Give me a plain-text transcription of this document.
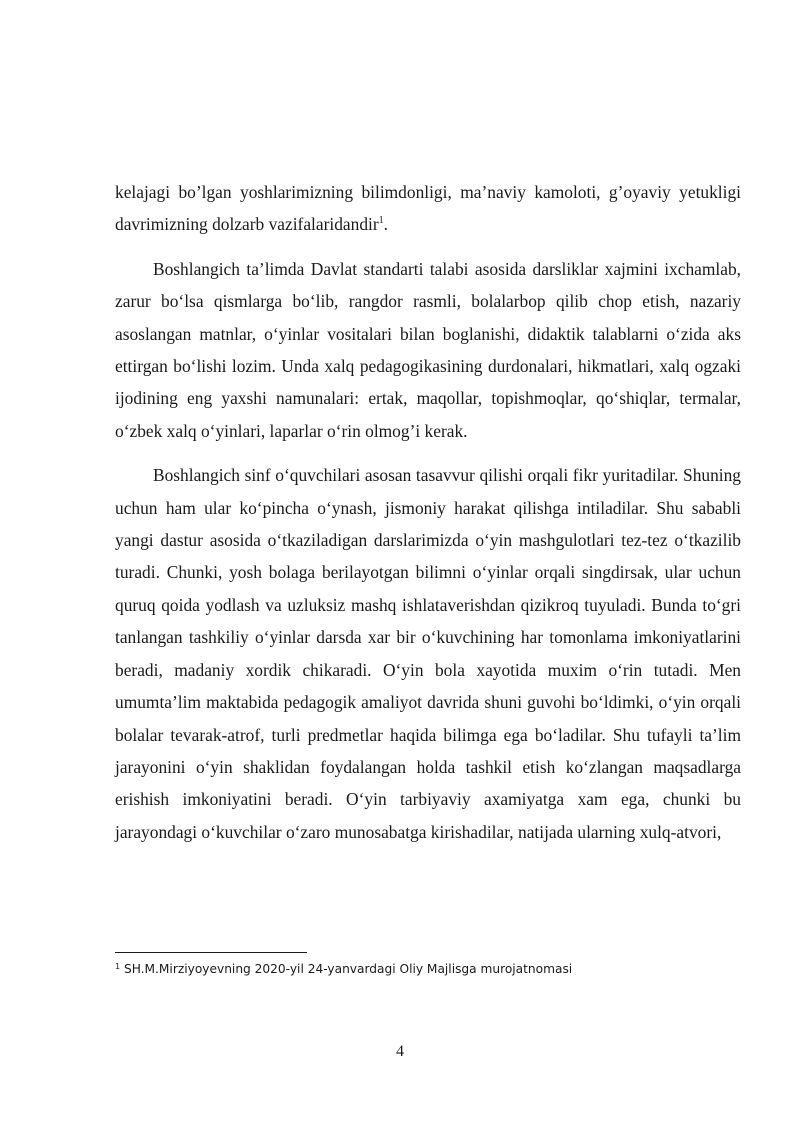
kelajagi bo’lgan yoshlarimizning bilimdonligi, ma’naviy kamoloti, g’oyaviy yetukligi davrimizning dolzarb vazifalaridandir$^1$.

Boshlangich ta’limda Davlat standarti talabi asosida darsliklar xajmini ixchamlab, zarur bo‘lsa qismlarga bo‘lib, rangdor rasmli, bolalarbop qilib chop etish, nazariy asoslangan matnlar, o‘yinlar vositalari bilan boglanishi, didaktik talablarni o‘zida aks ettirgan bo‘lishi lozim. Unda xalq pedagogikasining durdonalari, hikmatlari, xalq ogzaki ijodining eng yaxshi namunalari: ertak, maqollar, topishmoqlar, qo‘shiqlar, termalar, o‘zbek xalq o‘yinlari, laparlar o‘rin olmog’i kerak.

Boshlangich sinf o‘quvchilari asosan tasavvur qilishi orqali fikr yuritadilar. Shuning uchun ham ular ko‘pincha o‘ynash, jismoniy harakat qilishga intiladilar. Shu sababli yangi dastur asosida o‘tkaziladigan darslarimizda o‘yin mashgulotlari tez-tez o‘tkazilib turadi. Chunki, yosh bolaga berilayotgan bilimni o‘yinlar orqali singdirsak, ular uchun quruq qoida yodlash va uzluksiz mashq ishlataverishdan qizikroq tuyuladi. Bunda to‘gri tanlangan tashkiliy o‘yinlar darsda xar bir o‘kuvchining har tomonlama imkoniyatlarini beradi, madaniy xordik chikaradi. O‘yin bola xayotida muxim o‘rin tutadi. Men umumta’lim maktabida pedagogik amaliyot davrida shuni guvohi bo‘ldimki, o‘yin orqali bolalar tevarak-atrof, turli predmetlar haqida bilimga ega bo‘ladilar. Shu tufayli ta’lim jarayonini o‘yin shaklidan foydalangan holda tashkil etish ko‘zlangan maqsadlarga erishish imkoniyatini beradi. O‘yin tarbiyaviy axamiyatga xam ega, chunki bu jarayondagi o‘kuvchilar o‘zaro munosabatga kirishadilar, natijada ularning xulq-atvori,

$^1$ SH.M.Mirziyoyevning 2020-yil 24-yanvardagi Oliy Majlisga murojatnomasi
4
